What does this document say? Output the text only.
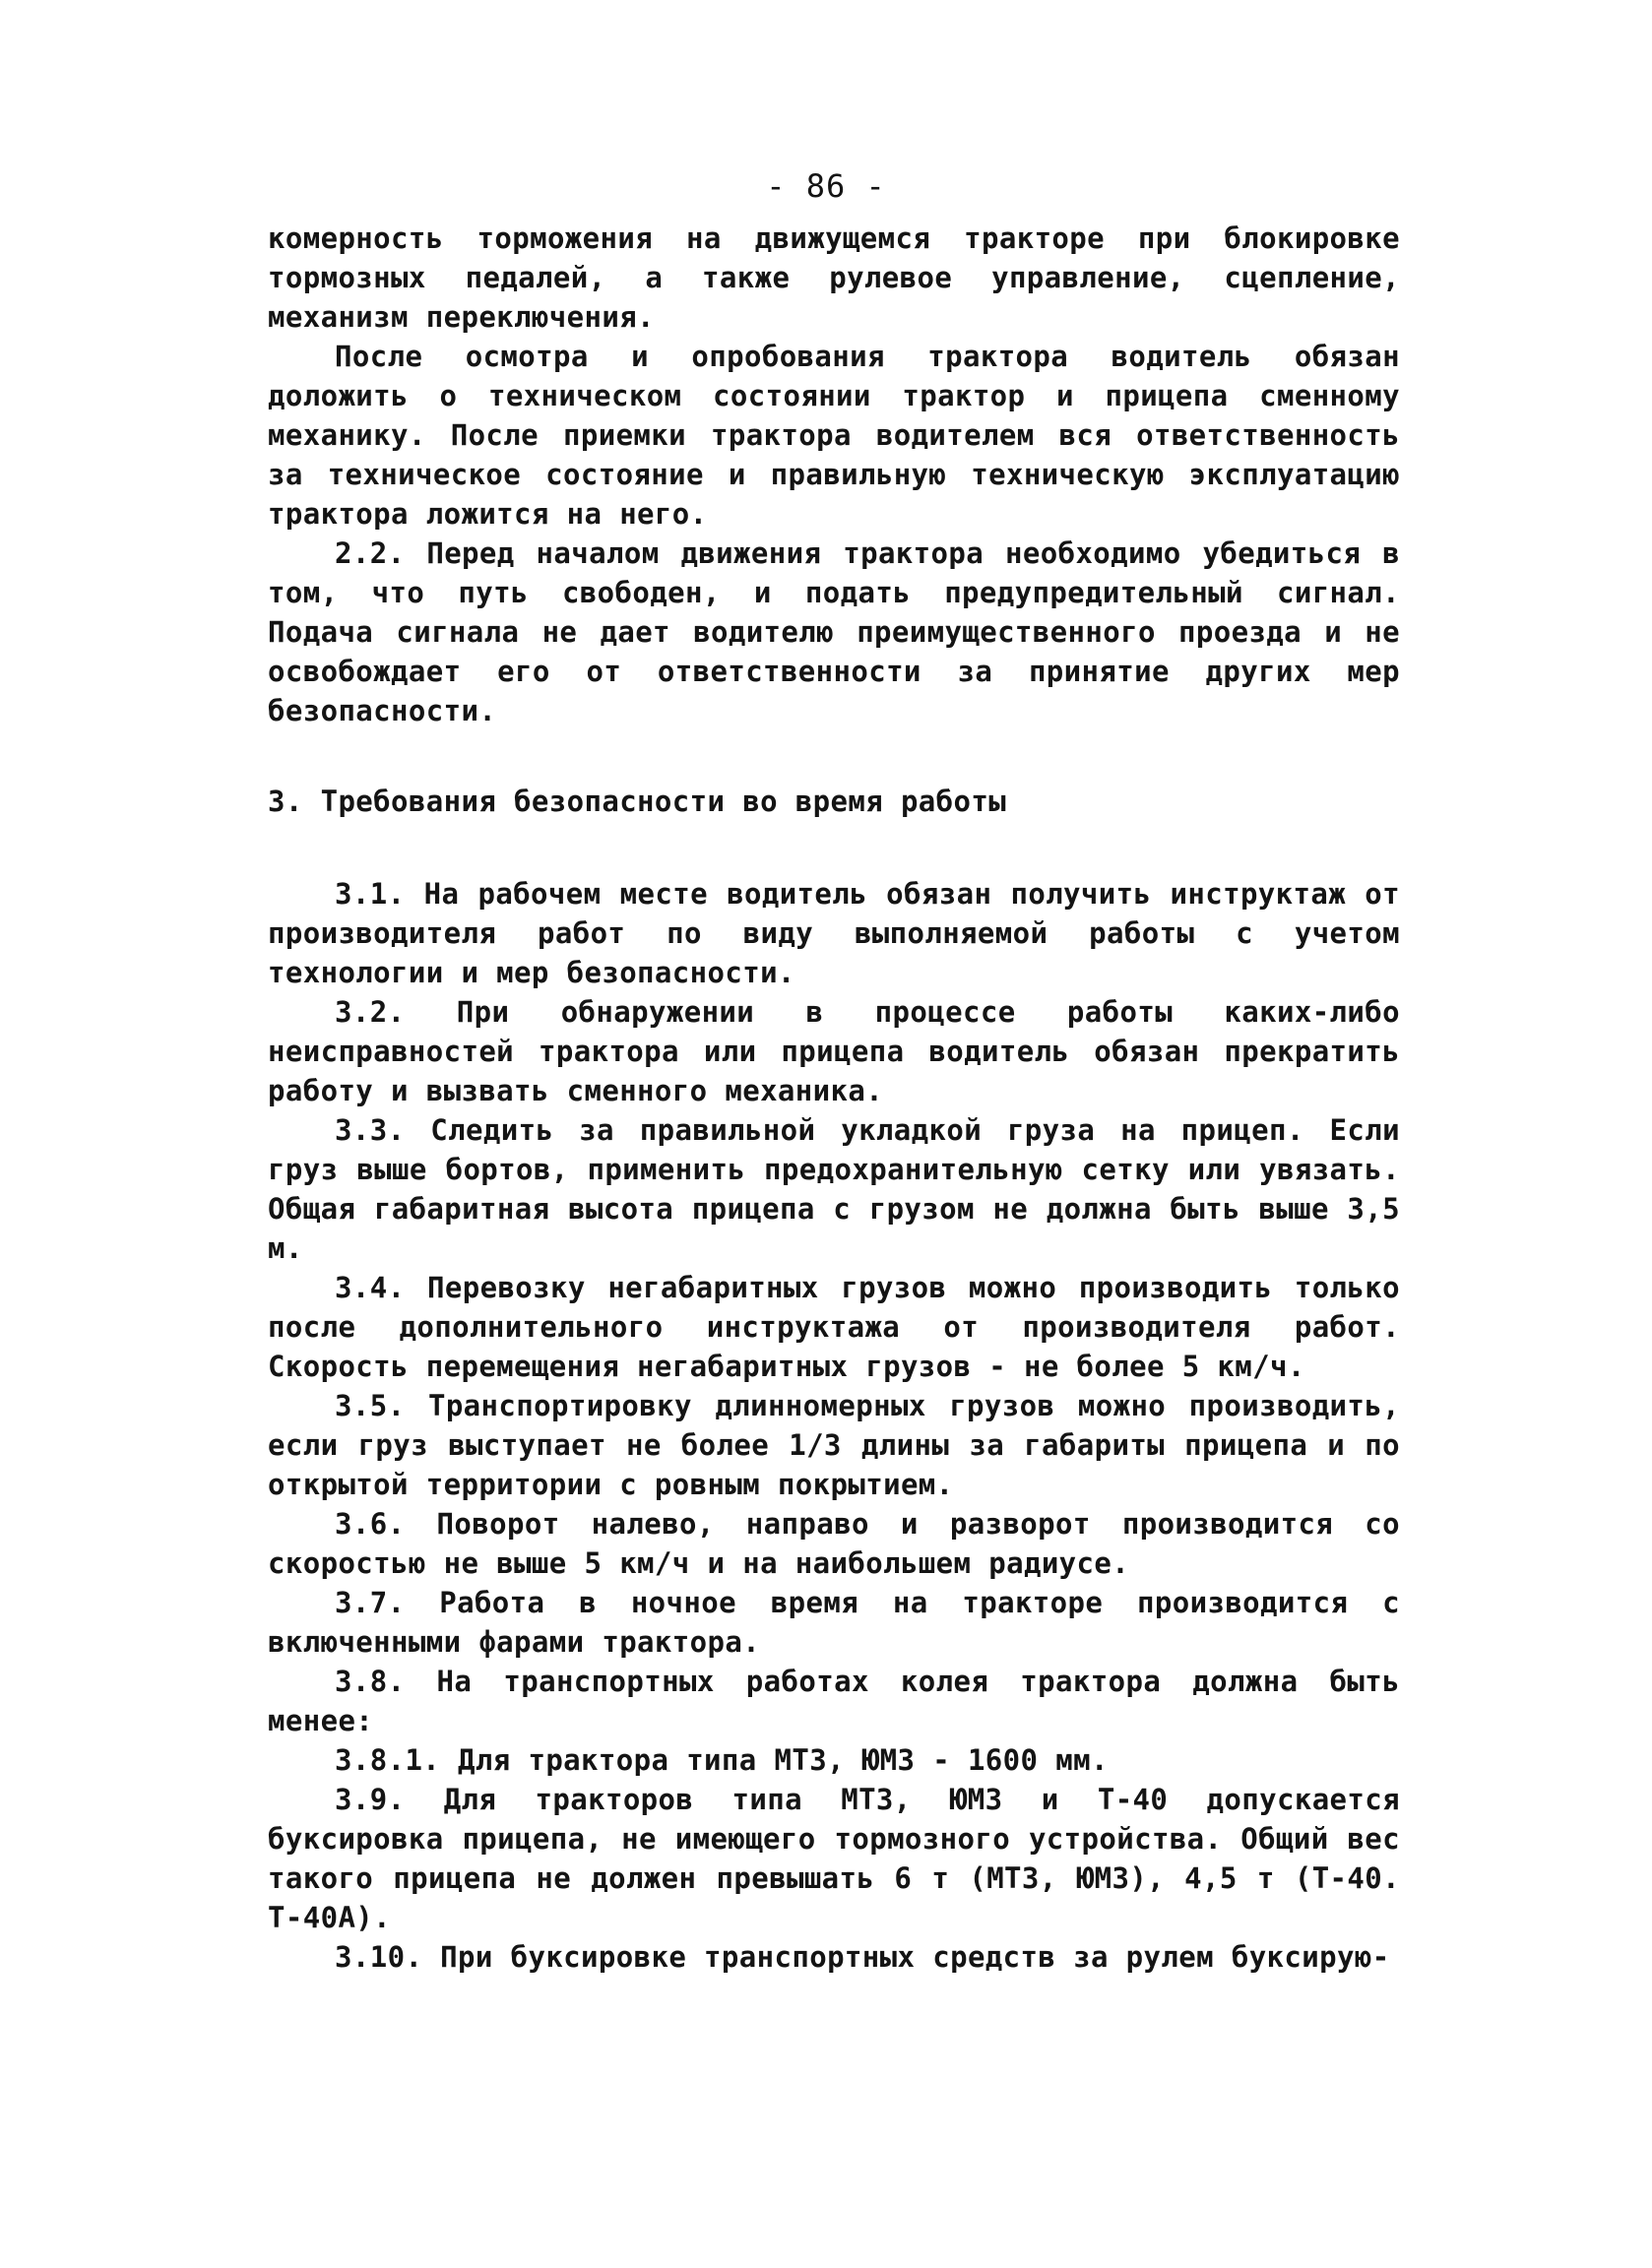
- 86 -

комерность торможения на движущемся тракторе при блокировке тормозных педалей, а также рулевое управление, сцепление, механизм переключения.

После осмотра и опробования трактора водитель обязан доложить о техническом состоянии трактор и прицепа сменному механику. После приемки трактора водителем вся ответственность за техническое состояние и правильную техническую эксплуатацию трактора ложится на него.

2.2. Перед началом движения трактора необходимо убедиться в том, что путь свободен, и подать предупредительный сигнал. Подача сигнала не дает водителю преимущественного проезда и не освобождает его от ответственности за принятие других мер безопасности.

3. Требования безопасности во время работы

3.1. На рабочем месте водитель обязан получить инструктаж от производителя работ по виду выполняемой работы с учетом технологии и мер безопасности.

3.2. При обнаружении в процессе работы каких-либо неисправностей трактора или прицепа водитель обязан прекратить работу и вызвать сменного механика.

3.3. Следить за правильной укладкой груза на прицеп. Если груз выше бортов, применить предохранительную сетку или увязать. Общая габаритная высота прицепа с грузом не должна быть выше 3,5 м.

3.4. Перевозку негабаритных грузов можно производить только после дополнительного инструктажа от производителя работ. Скорость перемещения негабаритных грузов - не более 5 км/ч.

3.5. Транспортировку длинномерных грузов можно производить, если груз выступает не более 1/3 длины за габариты прицепа и по открытой территории с ровным покрытием.

3.6. Поворот налево, направо и разворот производится со скоростью не выше 5 км/ч и на наибольшем радиусе.

3.7. Работа в ночное время на тракторе производится с включенными фарами трактора.

3.8. На транспортных работах колея трактора должна быть менее:

3.8.1. Для трактора типа МТЗ, ЮМЗ - 1600 мм.

3.9. Для тракторов типа МТЗ, ЮМЗ и Т-40 допускается буксировка прицепа, не имеющего тормозного устройства. Общий вес такого прицепа не должен превышать 6 т (МТЗ, ЮМЗ), 4,5 т (Т-40. Т-40А).

3.10. При буксировке транспортных средств за рулем буксирую-
